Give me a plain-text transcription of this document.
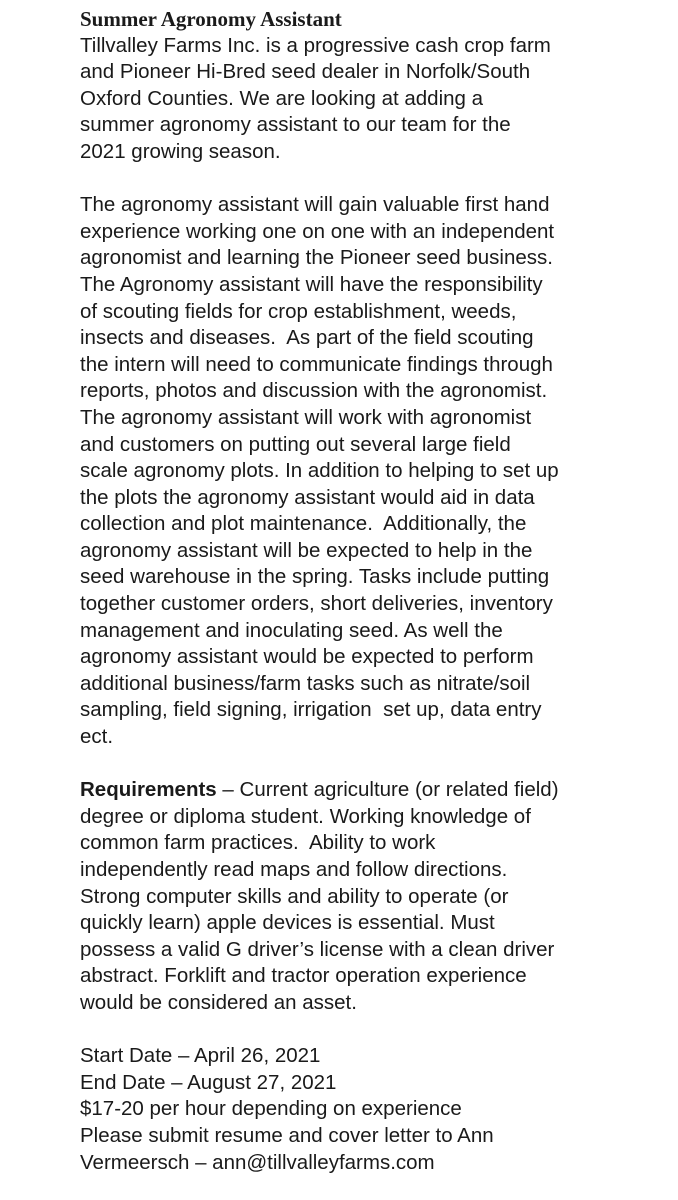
Summer Agronomy Assistant
Tillvalley Farms Inc. is a progressive cash crop farm
and Pioneer Hi-Bred seed dealer in Norfolk/South
Oxford Counties. We are looking at adding a
summer agronomy assistant to our team for the
2021 growing season.
The agronomy assistant will gain valuable first hand
experience working one on one with an independent
agronomist and learning the Pioneer seed business.
The Agronomy assistant will have the responsibility
of scouting fields for crop establishment, weeds,
insects and diseases.  As part of the field scouting
the intern will need to communicate findings through
reports, photos and discussion with the agronomist.
The agronomy assistant will work with agronomist
and customers on putting out several large field
scale agronomy plots. In addition to helping to set up
the plots the agronomy assistant would aid in data
collection and plot maintenance.  Additionally, the
agronomy assistant will be expected to help in the
seed warehouse in the spring. Tasks include putting
together customer orders, short deliveries, inventory
management and inoculating seed. As well the
agronomy assistant would be expected to perform
additional business/farm tasks such as nitrate/soil
sampling, field signing, irrigation  set up, data entry
ect.
Requirements – Current agriculture (or related field)
degree or diploma student. Working knowledge of
common farm practices.  Ability to work
independently read maps and follow directions.
Strong computer skills and ability to operate (or
quickly learn) apple devices is essential. Must
possess a valid G driver’s license with a clean driver
abstract. Forklift and tractor operation experience
would be considered an asset.
Start Date – April 26, 2021
End Date – August 27, 2021
$17-20 per hour depending on experience
Please submit resume and cover letter to Ann
Vermeersch – ann@tillvalleyfarms.com
